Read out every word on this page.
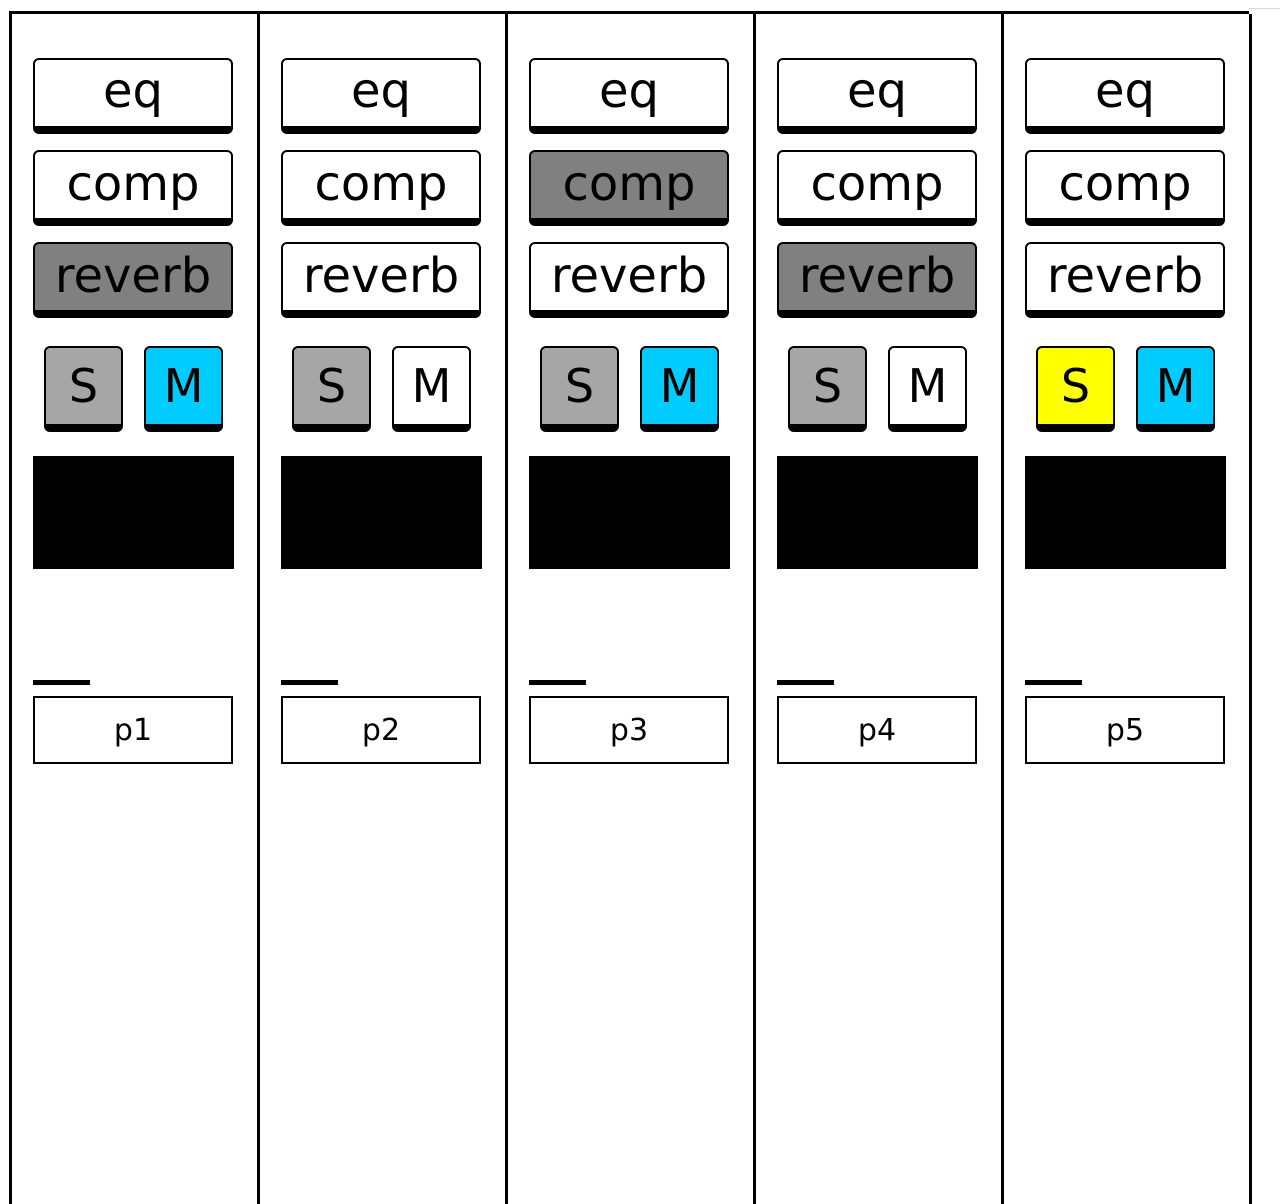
eq
comp
reverb
S	M
p1
eq
comp
reverb
S	M
p2
eq
comp
reverb
S	M
p3
eq
comp
reverb
S	M
p4
eq
comp
reverb
S	M
p5
